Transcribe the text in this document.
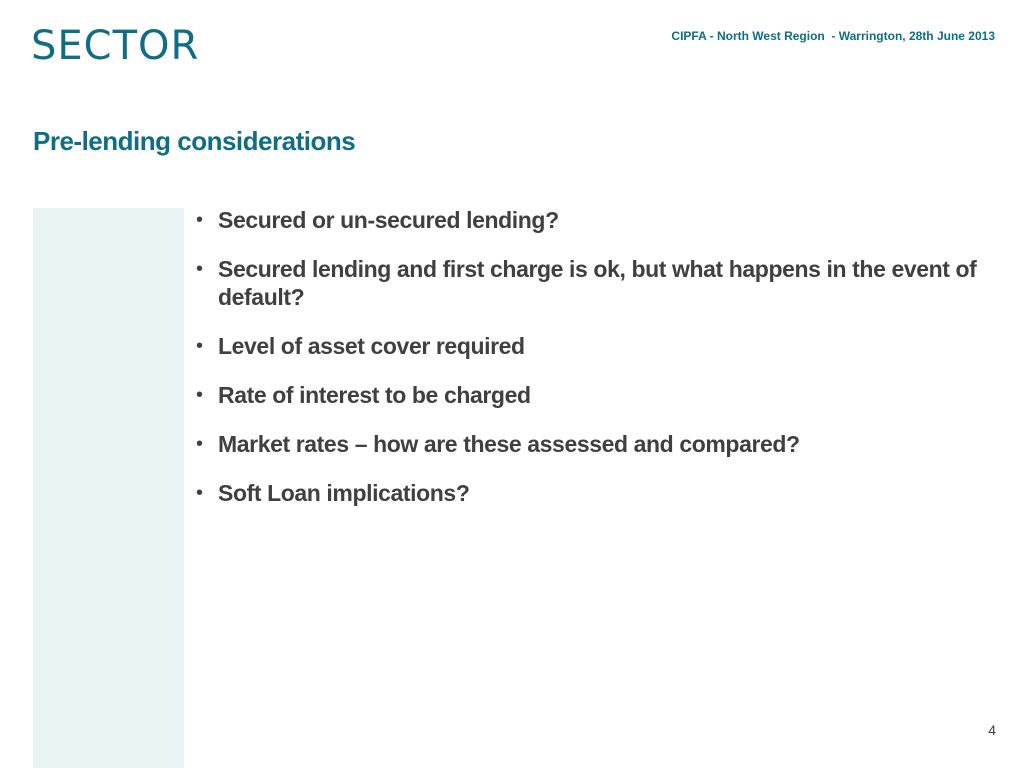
SECTOR	CIPFA - North West Region  - Warrington, 28th June 2013
Pre-lending considerations
• Secured or un-secured lending?
• Secured lending and first charge is ok, but what happens in the event of default?
• Level of asset cover required
• Rate of interest to be charged
• Market rates – how are these assessed and compared?
• Soft Loan implications?
4
